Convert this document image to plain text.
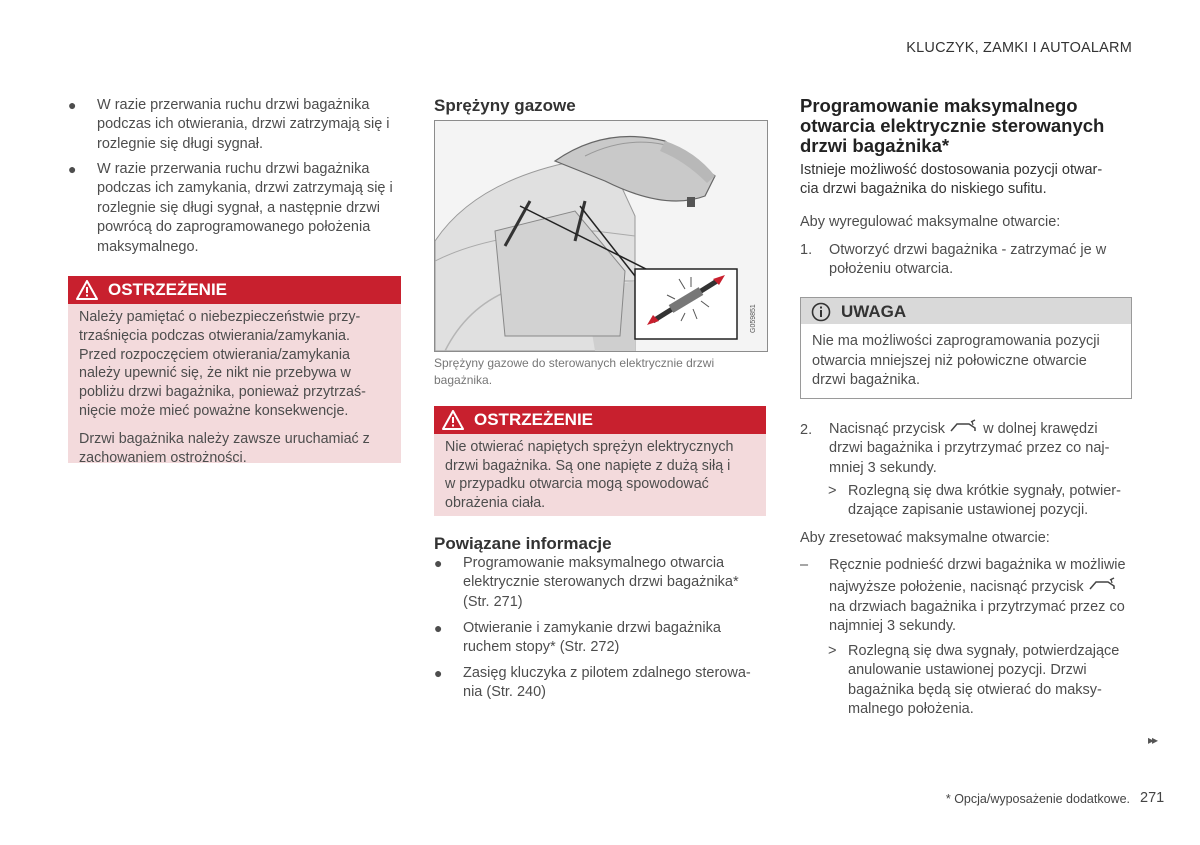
KLUCZYK, ZAMKI I AUTOALARM
● W razie przerwania ruchu drzwi bagażnika
podczas ich otwierania, drzwi zatrzymają się i
rozlegnie się długi sygnał.
● W razie przerwania ruchu drzwi bagażnika
podczas ich zamykania, drzwi zatrzymają się i
rozlegnie się długi sygnał, a następnie drzwi
powrócą do zaprogramowanego położenia
maksymalnego.
OSTRZEŻENIE
Należy pamiętać o niebezpieczeństwie przy-
trzaśnięcia podczas otwierania/zamykania.
Przed rozpoczęciem otwierania/zamykania
należy upewnić się, że nikt nie przebywa w
pobliżu drzwi bagażnika, ponieważ przytrzaś-
nięcie może mieć poważne konsekwencje.
Drzwi bagażnika należy zawsze uruchamiać z
zachowaniem ostrożności.
Sprężyny gazowe
G059851
Sprężyny gazowe do sterowanych elektrycznie drzwi
bagażnika.
OSTRZEŻENIE
Nie otwierać napiętych sprężyn elektrycznych
drzwi bagażnika. Są one napięte z dużą siłą i
w przypadku otwarcia mogą spowodować
obrażenia ciała.
Powiązane informacje
● Programowanie maksymalnego otwarcia
elektrycznie sterowanych drzwi bagażnika*
(Str. 271)
● Otwieranie i zamykanie drzwi bagażnika
ruchem stopy* (Str. 272)
● Zasięg kluczyka z pilotem zdalnego sterowa-
nia (Str. 240)
Programowanie maksymalnego
otwarcia elektrycznie sterowanych
drzwi bagażnika*
Istnieje możliwość dostosowania pozycji otwar-
cia drzwi bagażnika do niskiego sufitu.
Aby wyregulować maksymalne otwarcie:
1. Otworzyć drzwi bagażnika - zatrzymać je w
położeniu otwarcia.
UWAGA
Nie ma możliwości zaprogramowania pozycji
otwarcia mniejszej niż połowiczne otwarcie
drzwi bagażnika.
2. Nacisnąć przycisk	w dolnej krawędzi
drzwi bagażnika i przytrzymać przez co naj-
mniej 3 sekundy.
> Rozlegną się dwa krótkie sygnały, potwier-
dzające zapisanie ustawionej pozycji.
Aby zresetować maksymalne otwarcie:
– Ręcznie podnieść drzwi bagażnika w możliwie
najwyższe położenie, nacisnąć przycisk
na drzwiach bagażnika i przytrzymać przez co
najmniej 3 sekundy.
> Rozlegną się dwa sygnały, potwierdzające
anulowanie ustawionej pozycji. Drzwi
bagażnika będą się otwierać do maksy-
malnego położenia.
▸▸
* Opcja/wyposażenie dodatkowe. 271
